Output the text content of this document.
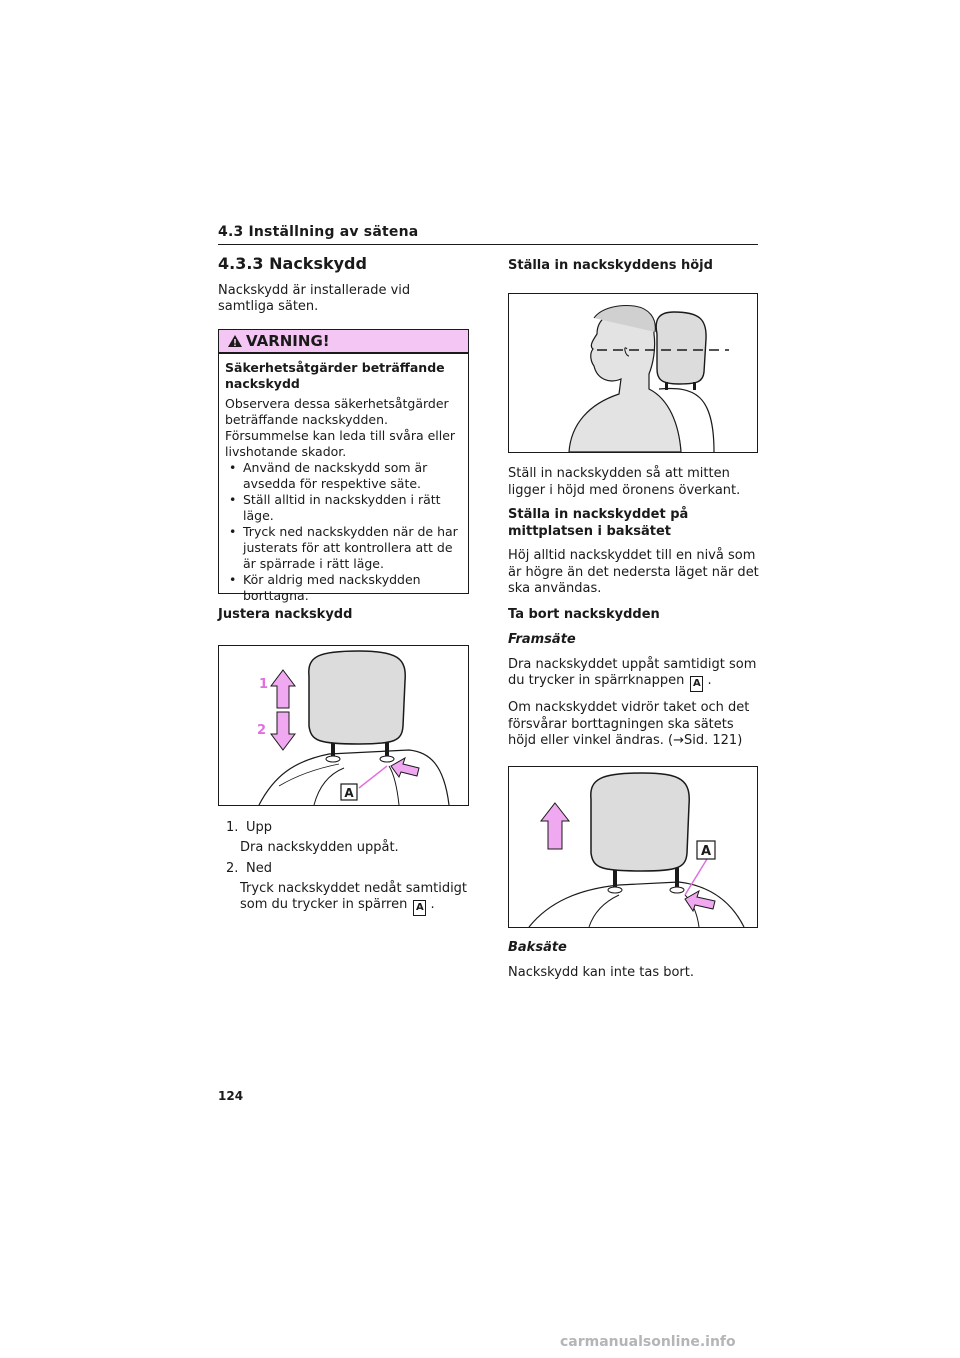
4.3 Inställning av sätena
4.3.3 Nackskydd

Nackskydd är installerade vid samtliga säten.

VARNING!

Säkerhetsåtgärder beträffande nackskydd

Observera dessa säkerhetsåtgärder beträffande nackskydden.

Försummelse kan leda till svåra eller livshotande skador.

• Använd de nackskydd som är avsedda för respektive säte.
• Ställ alltid in nackskydden i rätt läge.
• Tryck ned nackskydden när de har justerats för att kontrollera att de är spärrade i rätt läge.
• Kör aldrig med nackskydden borttagna.
Justera nackskydd
A
1
2
1. Upp

Dra nackskydden uppåt.

2. Ned

Tryck nackskyddet nedåt samtidigt som du trycker in spärren A .

Ställa in nackskyddens höjd

Ställ in nackskydden så att mitten ligger i höjd med öronens överkant.

Ställa in nackskyddet på mittplatsen i baksätet

Höj alltid nackskyddet till en nivå som är högre än det nedersta läget när det ska användas.

Ta bort nackskydden

Framsäte

Dra nackskyddet uppåt samtidigt som du trycker in spärrknappen A .

Om nackskyddet vidrör taket och det försvårar borttagningen ska sätets höjd eller vinkel ändras. (→Sid. 121)

A

Baksäte

Nackskydd kan inte tas bort.

124
carmanualsonline.info
